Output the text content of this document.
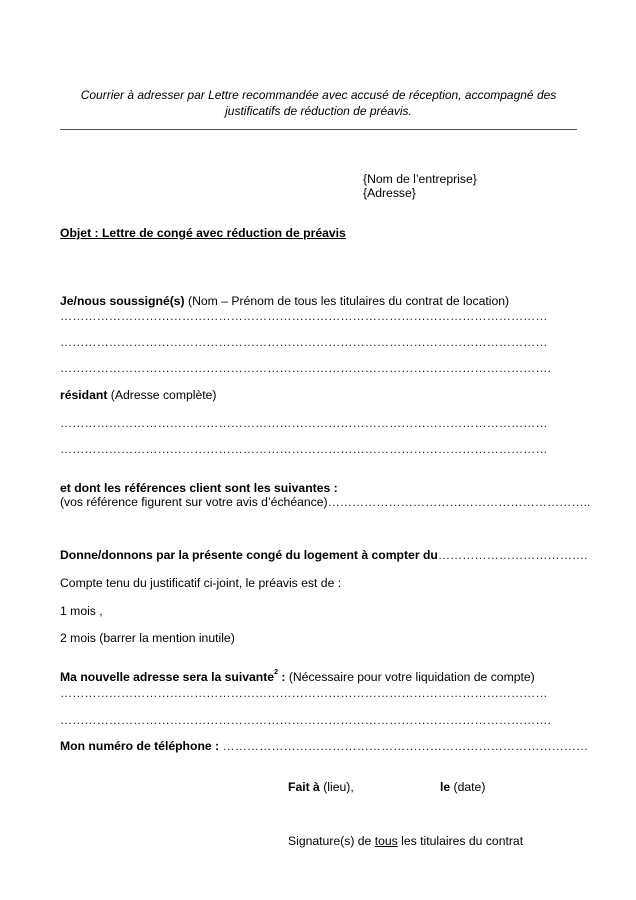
Courrier à adresser par Lettre recommandée avec accusé de réception, accompagné des
justificatifs de réduction de préavis.
{Nom de l’entreprise}
{Adresse}
Objet : Lettre de congé avec réduction de préavis
Je/nous soussigné(s) (Nom – Prénom de tous les titulaires du contrat de location)
…………………………………………………………………………………………………………
…………………………………………………………………………………………………………
………………………………………………………………………………………………………….
résidant (Adresse complète)
…………………………………………………………………………………………………………
…………………………………………………………………………………………………………
et dont les références client sont les suivantes :
(vos référence figurent sur votre avis d’échéance)………………………………………………………..
Donne/donnons par la présente congé du logement à compter du……………………………….
Compte tenu du justificatif ci-joint, le préavis est de :
1 mois ,
2 mois (barrer la mention inutile)
Ma nouvelle adresse sera la suivante$^2$ : (Nécessaire pour votre liquidation de compte)
…………………………………………………………………………………………………………
………………………………………………………………………………………………………….
Mon numéro de téléphone : ………………………………………………………………………………
Fait à (lieu),	le (date)
Signature(s) de tous les titulaires du contrat
